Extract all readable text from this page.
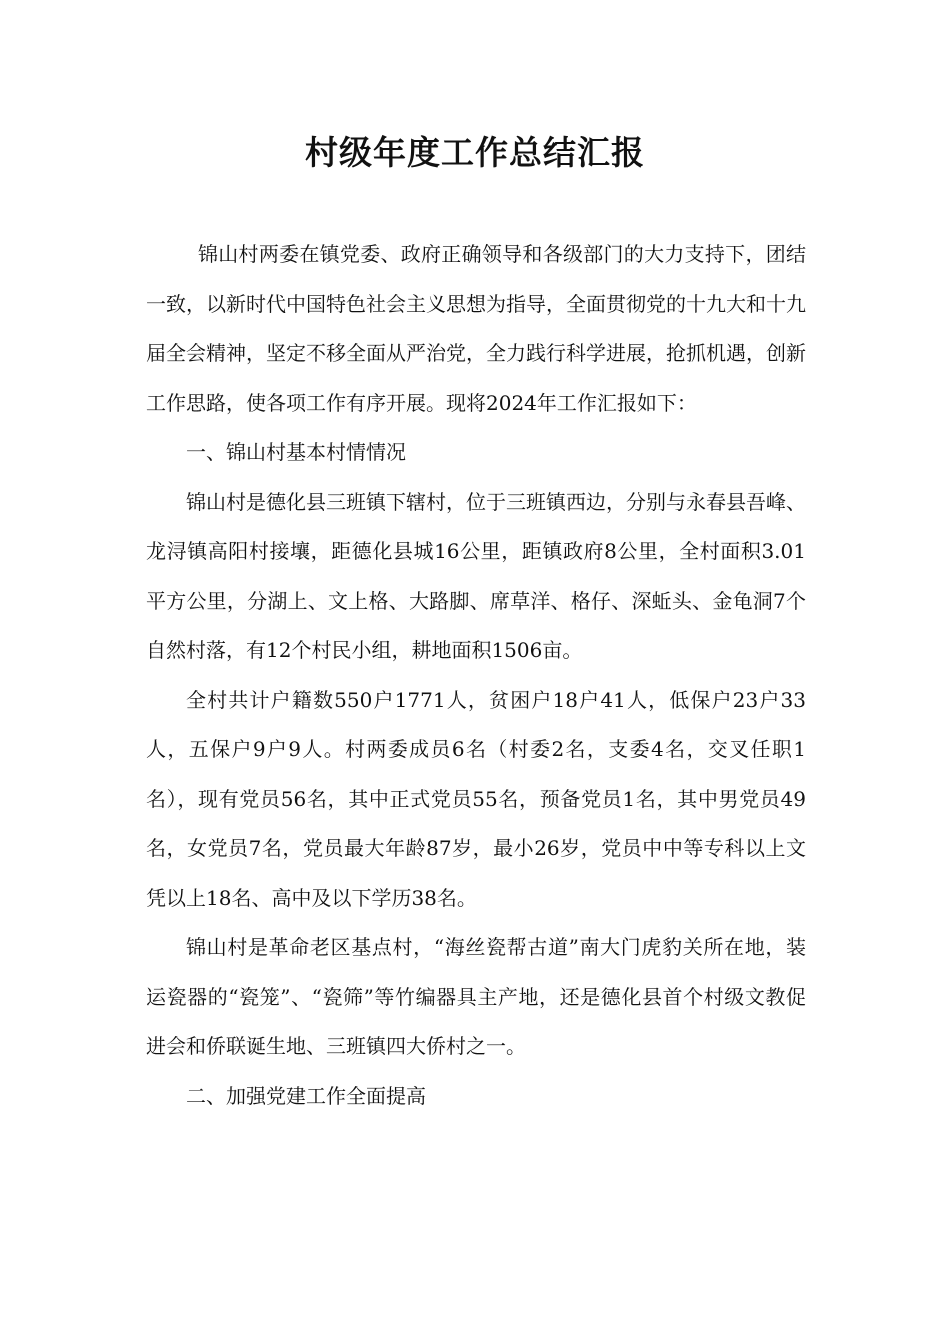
村级年度工作总结汇报

锦山村两委在镇党委、政府正确领导和各级部门的大力支持下，团结一致，以新时代中国特色社会主义思想为指导，全面贯彻党的十九大和十九届全会精神，坚定不移全面从严治党，全力践行科学进展，抢抓机遇，创新工作思路，使各项工作有序开展。现将2024年工作汇报如下：

一、锦山村基本村情情况

锦山村是德化县三班镇下辖村，位于三班镇西边，分别与永春县吾峰、龙浔镇高阳村接壤，距德化县城16公里，距镇政府8公里，全村面积3.01平方公里，分湖上、文上格、大路脚、席草洋、格仔、深蚯头、金龟洞7个自然村落，有12个村民小组，耕地面积1506亩。

全村共计户籍数550户1771人，贫困户18户41人，低保户23户33人，五保户9户9人。村两委成员6名（村委2名，支委4名，交叉任职1名），现有党员56名，其中正式党员55名，预备党员1名，其中男党员49名，女党员7名，党员最大年龄87岁，最小26岁，党员中中等专科以上文凭以上18名、高中及以下学历38名。

锦山村是革命老区基点村，“海丝瓷帮古道”南大门虎豹关所在地，装运瓷器的“瓷笼”、“瓷筛”等竹编器具主产地，还是德化县首个村级文教促进会和侨联诞生地、三班镇四大侨村之一。

二、加强党建工作全面提高
